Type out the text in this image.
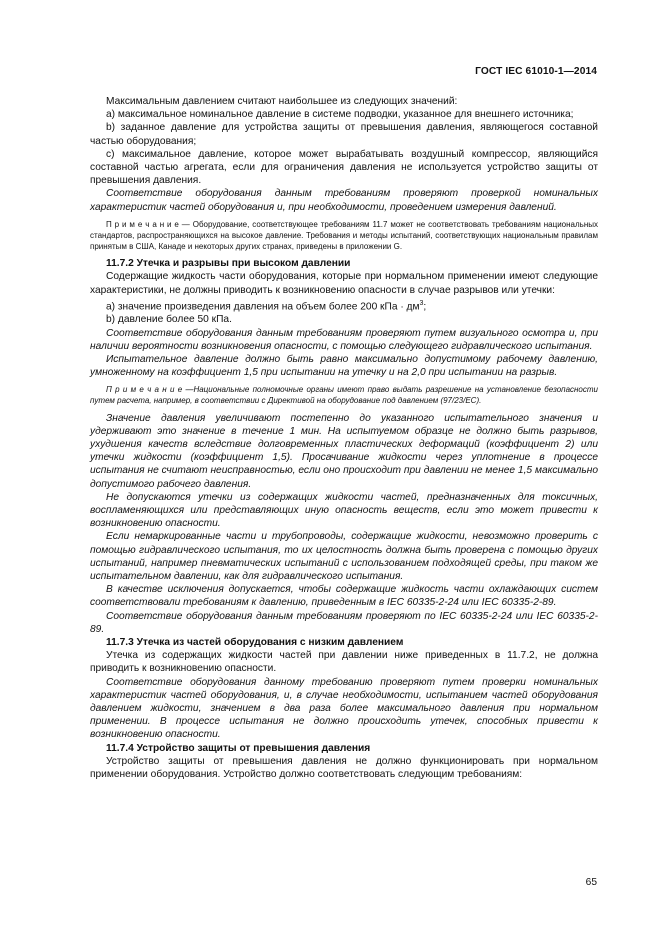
ГОСТ IEC 61010-1—2014

Максимальным давлением считают наибольшее из следующих значений:

a) максимальное номинальное давление в системе подводки, указанное для внешнего источника;

b) заданное давление для устройства защиты от превышения давления, являющегося составной частью оборудования;

c) максимальное давление, которое может вырабатывать воздушный компрессор, являющийся составной частью агрегата, если для ограничения давления не используется устройство защиты от превышения давления.

Соответствие оборудования данным требованиям проверяют проверкой номинальных характеристик частей оборудования и, при необходимости, проведением измерения давлений.

П р и м е ч а н и е — Оборудование, соответствующее требованиям 11.7 может не соответствовать требованиям национальных стандартов, распространяющихся на высокое давление. Требования и методы испытаний, соответствующих национальным правилам принятым в США, Канаде и некоторых других странах, приведены в приложении G.

11.7.2 Утечка и разрывы при высоком давлении

Содержащие жидкость части оборудования, которые при нормальном применении имеют следующие характеристики, не должны приводить к возникновению опасности в случае разрывов или утечки:

a) значение произведения давления на объем более 200 кПа · $дм^3$;

b) давление более 50 кПа.

Соответствие оборудования данным требованиям проверяют путем визуального осмотра и, при наличии вероятности возникновения опасности, с помощью следующего гидравлического испытания.

Испытательное давление должно быть равно максимально допустимому рабочему давлению, умноженному на коэффициент 1,5 при испытании на утечку и на 2,0 при испытании на разрыв.

П р и м е ч а н и е —Национальные полномочные органы имеют право выдать разрешение на установление безопасности путем расчета, например, в соответствии с Директивой на оборудование под давлением (97/23/ЕС).

Значение давления увеличивают постепенно до указанного испытательного значения и удерживают это значение в течение 1 мин. На испытуемом образце не должно быть разрывов, ухудшения качеств вследствие долговременных пластических деформаций (коэффициент 2) или утечки жидкости (коэффициент 1,5). Просачивание жидкости через уплотнение в процессе испытания не считают неисправностью, если оно происходит при давлении не менее 1,5 максимально допустимого рабочего давления.

Не допускаются утечки из содержащих жидкости частей, предназначенных для токсичных, воспламеняющихся или представляющих иную опасность веществ, если это может привести к возникновению опасности.

Если немаркированные части и трубопроводы, содержащие жидкости, невозможно проверить с помощью гидравлического испытания, то их целостность должна быть проверена с помощью других испытаний, например пневматических испытаний с использованием подходящей среды, при таком же испытательном давлении, как для гидравлического испытания.

В качестве исключения допускается, чтобы содержащие жидкость части охлаждающих систем соответствовали требованиям к давлению, приведенным в IEC 60335-2-24 или IEC 60335-2-89.

Соответствие оборудования данным требованиям проверяют по IEC 60335-2-24 или IEC 60335-2-89.

11.7.3 Утечка из частей оборудования с низким давлением

Утечка из содержащих жидкости частей при давлении ниже приведенных в 11.7.2, не должна приводить к возникновению опасности.

Соответствие оборудования данному требованию проверяют путем проверки номинальных характеристик частей оборудования, и, в случае необходимости, испытанием частей оборудования давлением жидкости, значением в два раза более максимального давления при нормальном применении. В процессе испытания не должно происходить утечек, способных привести к возникновению опасности.

11.7.4 Устройство защиты от превышения давления

Устройство защиты от превышения давления не должно функционировать при нормальном применении оборудования. Устройство должно соответствовать следующим требованиям:

65
